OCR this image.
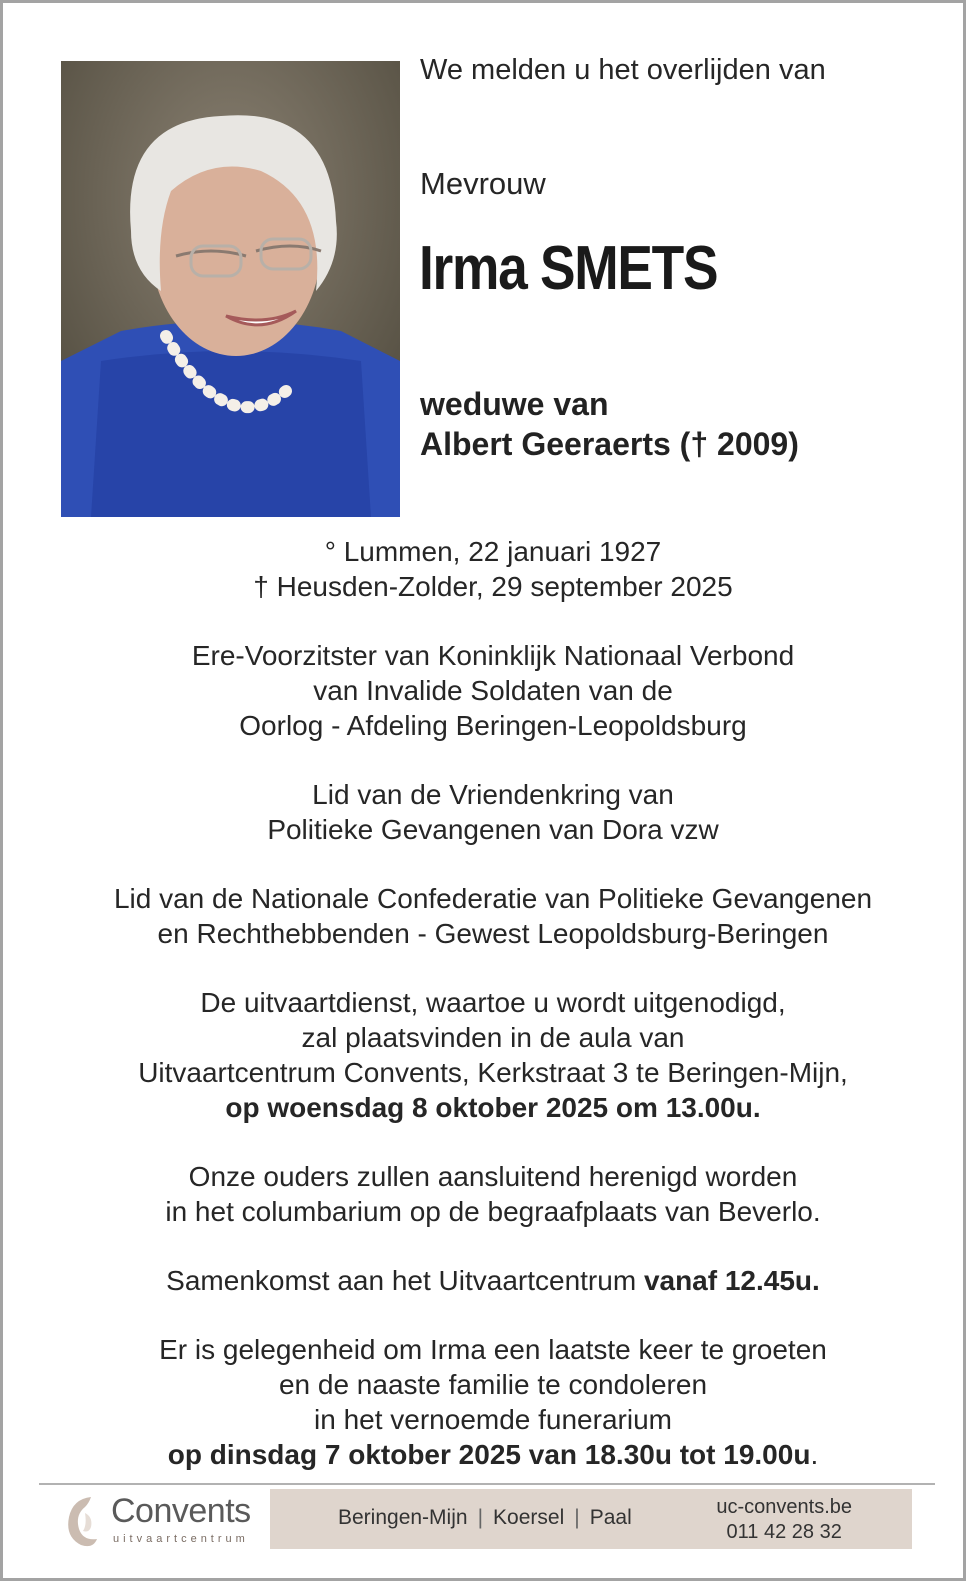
We melden u het overlijden van
Mevrouw
Irma SMETS
weduwe van
Albert Geeraerts († 2009)
° Lummen, 22 januari 1927
† Heusden-Zolder, 29 september 2025
Ere-Voorzitster van Koninklijk Nationaal Verbond
van Invalide Soldaten van de
Oorlog - Afdeling Beringen-Leopoldsburg
Lid van de Vriendenkring van
Politieke Gevangenen van Dora vzw
Lid van de Nationale Confederatie van Politieke Gevangenen
en Rechthebbenden - Gewest Leopoldsburg-Beringen
De uitvaartdienst, waartoe u wordt uitgenodigd,
zal plaatsvinden in de aula van
Uitvaartcentrum Convents, Kerkstraat 3 te Beringen-Mijn,
op woensdag 8 oktober 2025 om 13.00u.
Onze ouders zullen aansluitend herenigd worden
in het columbarium op de begraafplaats van Beverlo.
Samenkomst aan het Uitvaartcentrum vanaf 12.45u.
Er is gelegenheid om Irma een laatste keer te groeten
en de naaste familie te condoleren
in het vernoemde funerarium
op dinsdag 7 oktober 2025 van 18.30u tot 19.00u.
Convents
uitvaartcentrum
Beringen-Mijn | Koersel | Paal	uc-convents.be
011 42 28 32
